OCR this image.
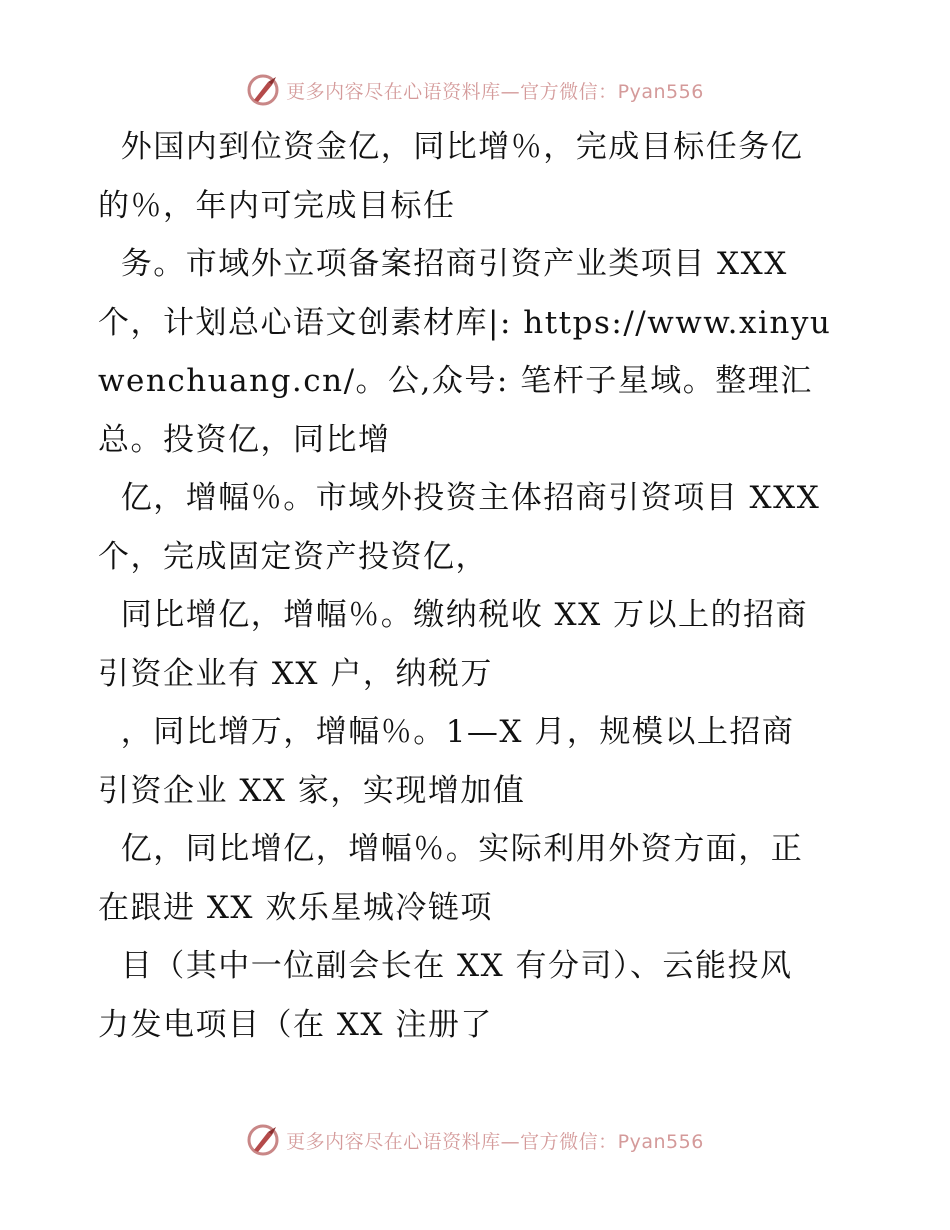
更多内容尽在心语资料库—官方微信：Pyan556
外国内到位资金亿，同比增％，完成目标任务亿
的％，年内可完成目标任
务。市域外立项备案招商引资产业类项目 XXX
个，计划总心语文创素材库|: https://www.xinyu
wenchuang.cn/。公,众号: 笔杆子星域。整理汇
总。投资亿，同比增
亿，增幅％。市域外投资主体招商引资项目 XXX
个，完成固定资产投资亿，
同比增亿，增幅％。缴纳税收 XX 万以上的招商
引资企业有 XX 户，纳税万
，同比增万，增幅％。1—X 月，规模以上招商
引资企业 XX 家，实现增加值
亿，同比增亿，增幅％。实际利用外资方面，正
在跟进 XX 欢乐星城冷链项
目（其中一位副会长在 XX 有分司）、云能投风
力发电项目（在 XX 注册了
更多内容尽在心语资料库—官方微信：Pyan556
